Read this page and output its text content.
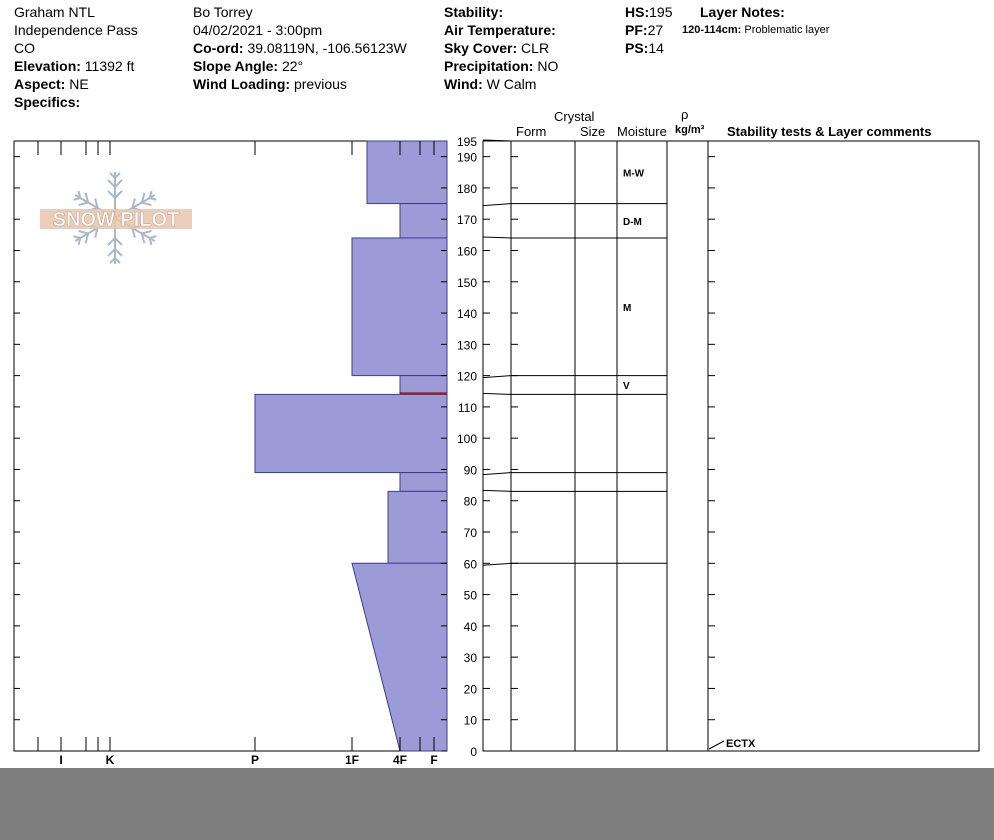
SNOW PILOT
I	K	P	1F	4F F
0
10
20
30
40
50
60
70
80
90
100
110
120
130
140
150
160
170
180
190
195
M-W
D-M
M
V
ECTX
Graham NTL
Independence Pass
CO
Elevation: 11392 ft
Aspect: NE
Specifics:
Bo Torrey
04/02/2021 - 3:00pm
Co-ord: 39.08119N, -106.56123W
Slope Angle: 22°
Wind Loading: previous
Stability:
Air Temperature:
Sky Cover: CLR
Precipitation: NO
Wind: W Calm
HS:195
PF:27
PS:14
Layer Notes:
120-114cm: Problematic layer
Crystal
Form	Size Moisture
ρ
kg/m³ Stability tests & Layer comments
